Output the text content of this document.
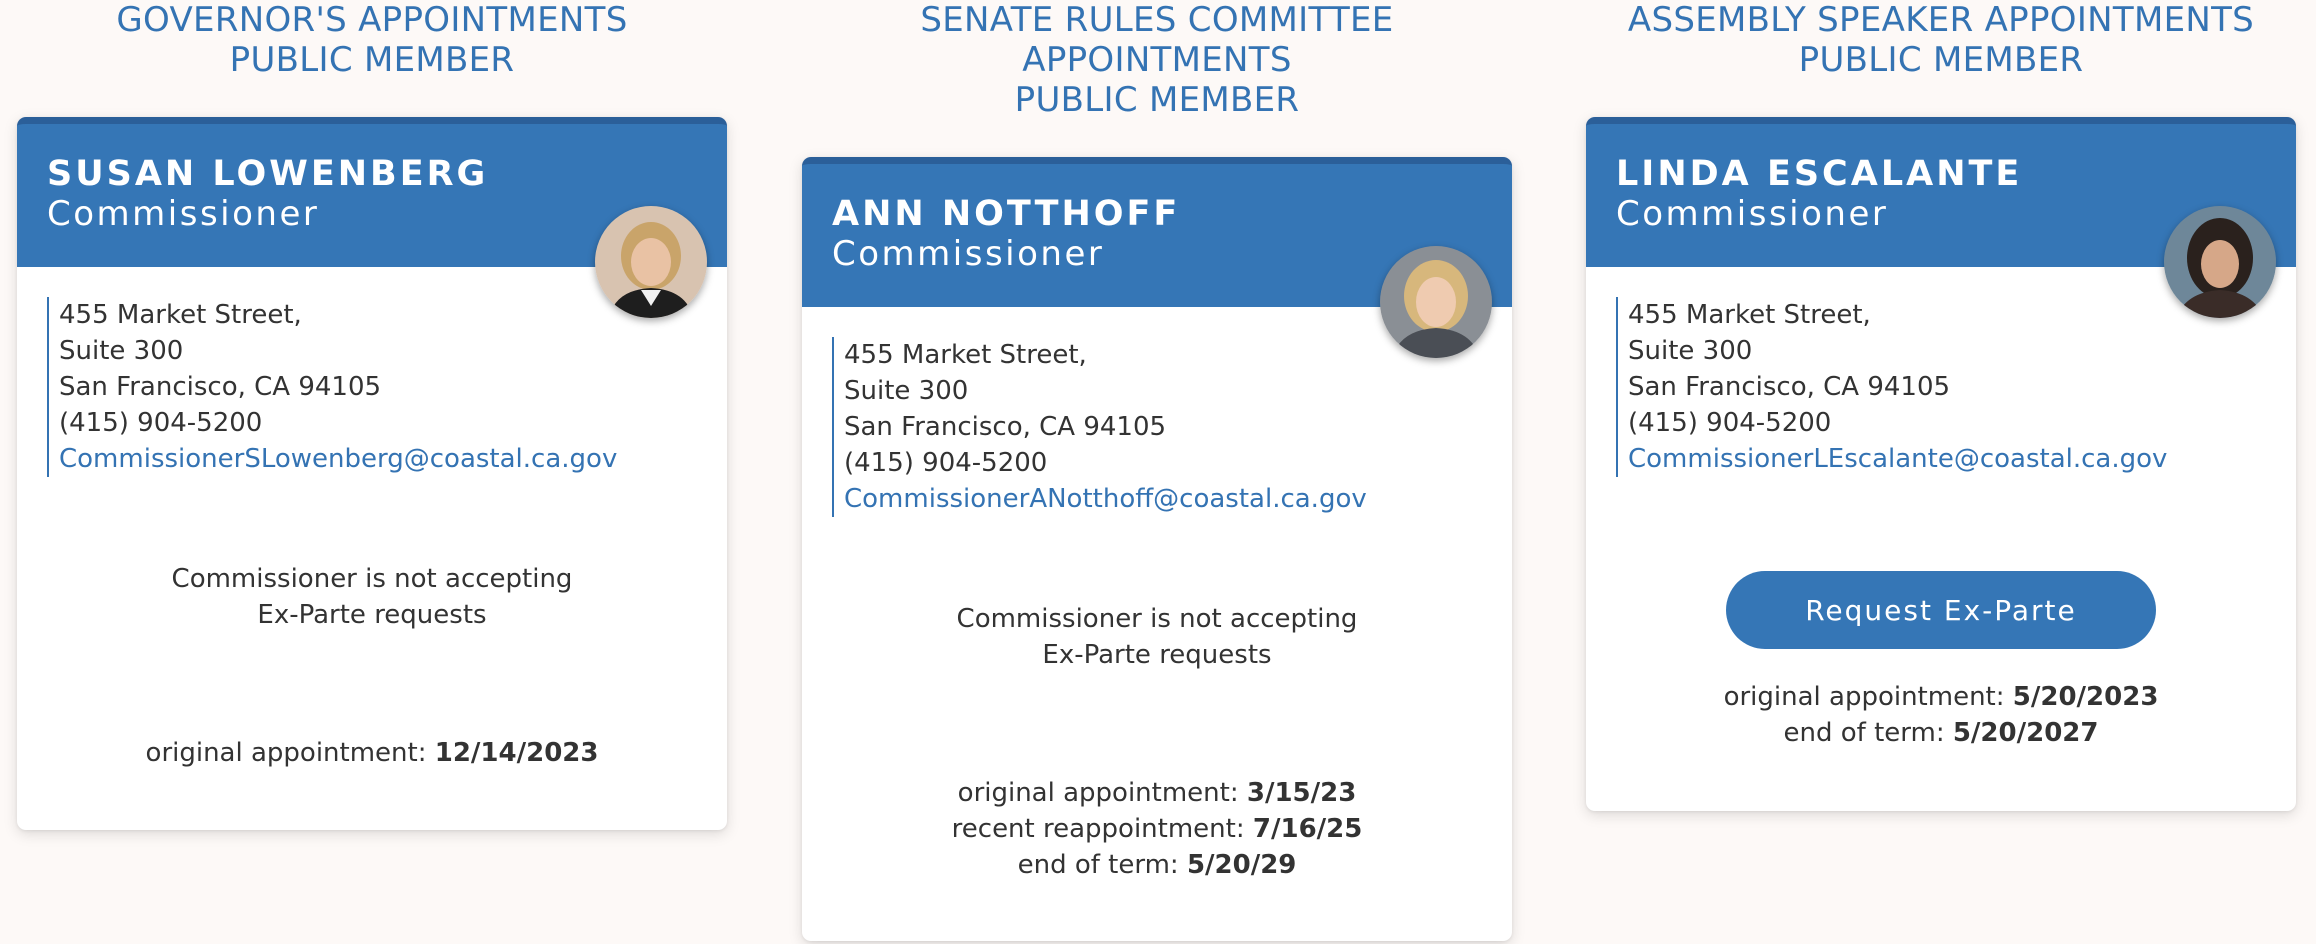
GOVERNOR'S APPOINTMENTS
PUBLIC MEMBER
SUSAN LOWENBERG
Commissioner
455 Market Street,
Suite 300
San Francisco, CA 94105
(415) 904-5200
CommissionerSLowenberg@coastal.ca.gov
Commissioner is not accepting
Ex-Parte requests
original appointment: 12/14/2023
SENATE RULES COMMITTEE
APPOINTMENTS
PUBLIC MEMBER
ANN NOTTHOFF
Commissioner
455 Market Street,
Suite 300
San Francisco, CA 94105
(415) 904-5200
CommissionerANotthoff@coastal.ca.gov
Commissioner is not accepting
Ex-Parte requests
original appointment: 3/15/23
recent reappointment: 7/16/25
end of term: 5/20/29
ASSEMBLY SPEAKER APPOINTMENTS
PUBLIC MEMBER
LINDA ESCALANTE
Commissioner
455 Market Street,
Suite 300
San Francisco, CA 94105
(415) 904-5200
CommissionerLEscalante@coastal.ca.gov
Request Ex-Parte
original appointment: 5/20/2023
end of term: 5/20/2027
